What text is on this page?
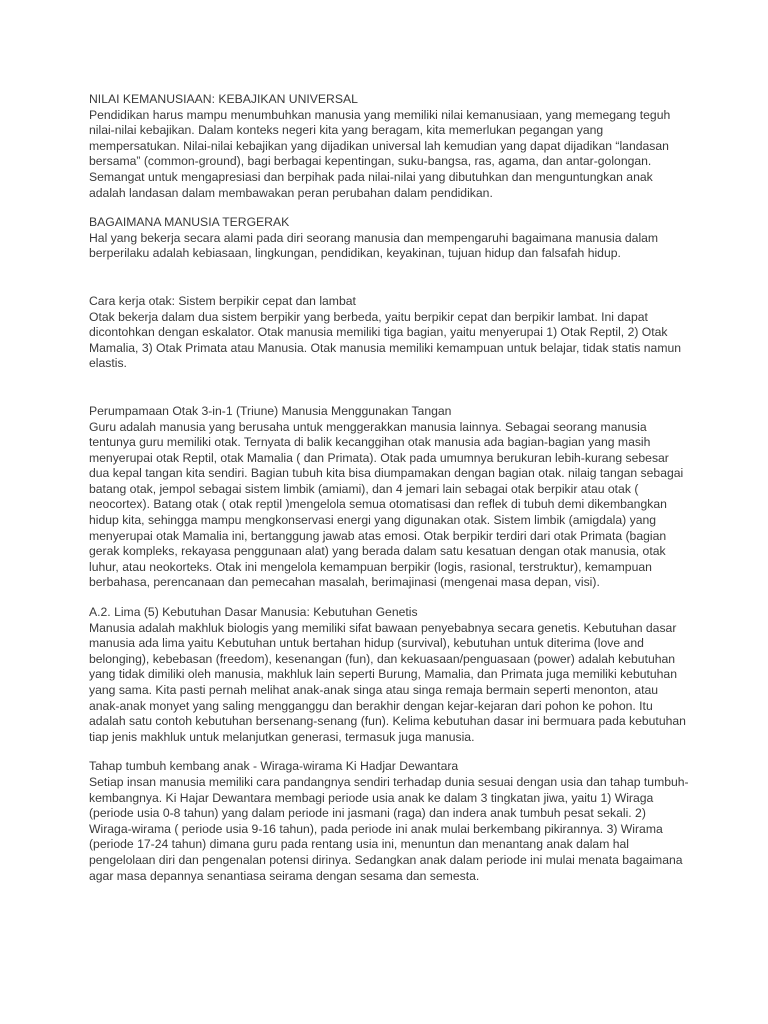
NILAI KEMANUSIAAN: KEBAJIKAN UNIVERSAL
Pendidikan harus mampu menumbuhkan manusia yang memiliki nilai kemanusiaan, yang memegang teguh nilai-nilai kebajikan. Dalam konteks negeri kita yang beragam, kita memerlukan pegangan yang mempersatukan. Nilai-nilai kebajikan yang dijadikan universal lah kemudian yang dapat dijadikan “landasan bersama” (common-ground), bagi berbagai kepentingan, suku-bangsa, ras, agama, dan antar-golongan. Semangat untuk mengapresiasi dan berpihak pada nilai-nilai yang dibutuhkan dan menguntungkan anak adalah landasan dalam membawakan peran perubahan dalam pendidikan.
BAGAIMANA MANUSIA TERGERAK
Hal yang bekerja secara alami pada diri seorang manusia dan mempengaruhi bagaimana manusia dalam berperilaku adalah kebiasaan, lingkungan, pendidikan, keyakinan, tujuan hidup dan falsafah hidup.
Cara kerja otak: Sistem berpikir cepat dan lambat
Otak bekerja dalam dua sistem berpikir yang berbeda, yaitu berpikir cepat dan berpikir lambat. Ini dapat dicontohkan dengan eskalator. Otak manusia memiliki tiga bagian, yaitu menyerupai 1) Otak Reptil, 2) Otak Mamalia, 3) Otak Primata atau Manusia. Otak manusia memiliki kemampuan untuk belajar, tidak statis namun elastis.
Perumpamaan Otak 3-in-1 (Triune) Manusia Menggunakan Tangan
Guru adalah manusia yang berusaha untuk menggerakkan manusia lainnya. Sebagai seorang manusia tentunya guru memiliki otak. Ternyata di balik kecanggihan otak manusia ada bagian-bagian yang masih menyerupai otak Reptil, otak Mamalia ( dan Primata). Otak pada umumnya berukuran lebih-kurang sebesar dua kepal tangan kita sendiri. Bagian tubuh kita bisa diumpamakan dengan bagian otak. nilaig tangan sebagai batang otak, jempol sebagai sistem limbik (amiami), dan 4 jemari lain sebagai otak berpikir atau otak ( neocortex). Batang otak ( otak reptil )mengelola semua otomatisasi dan reflek di tubuh demi dikembangkan hidup kita, sehingga mampu mengkonservasi energi yang digunakan otak. Sistem limbik (amigdala) yang menyerupai otak Mamalia ini, bertanggung jawab atas emosi. Otak berpikir terdiri dari otak Primata (bagian gerak kompleks, rekayasa penggunaan alat) yang berada dalam satu kesatuan dengan otak manusia, otak luhur, atau neokorteks. Otak ini mengelola kemampuan berpikir (logis, rasional, terstruktur), kemampuan berbahasa, perencanaan dan pemecahan masalah, berimajinasi (mengenai masa depan, visi).
A.2. Lima (5) Kebutuhan Dasar Manusia: Kebutuhan Genetis
Manusia adalah makhluk biologis yang memiliki sifat bawaan penyebabnya secara genetis. Kebutuhan dasar manusia ada lima yaitu Kebutuhan untuk bertahan hidup (survival), kebutuhan untuk diterima (love and belonging), kebebasan (freedom), kesenangan (fun), dan kekuasaan/penguasaan (power) adalah kebutuhan yang tidak dimiliki oleh manusia, makhluk lain seperti Burung, Mamalia, dan Primata juga memiliki kebutuhan yang sama. Kita pasti pernah melihat anak-anak singa atau singa remaja bermain seperti menonton, atau anak-anak monyet yang saling mengganggu dan berakhir dengan kejar-kejaran dari pohon ke pohon. Itu adalah satu contoh kebutuhan bersenang-senang (fun). Kelima kebutuhan dasar ini bermuara pada kebutuhan tiap jenis makhluk untuk melanjutkan generasi, termasuk juga manusia.
Tahap tumbuh kembang anak - Wiraga-wirama Ki Hadjar Dewantara
Setiap insan manusia memiliki cara pandangnya sendiri terhadap dunia sesuai dengan usia dan tahap tumbuh-kembangnya. Ki Hajar Dewantara membagi periode usia anak ke dalam 3 tingkatan jiwa, yaitu 1) Wiraga (periode usia 0-8 tahun) yang dalam periode ini jasmani (raga) dan indera anak tumbuh pesat sekali. 2) Wiraga-wirama ( periode usia 9-16 tahun), pada periode ini anak mulai berkembang pikirannya. 3) Wirama (periode 17-24 tahun) dimana guru pada rentang usia ini, menuntun dan menantang anak dalam hal pengelolaan diri dan pengenalan potensi dirinya. Sedangkan anak dalam periode ini mulai menata bagaimana agar masa depannya senantiasa seirama dengan sesama dan semesta.
